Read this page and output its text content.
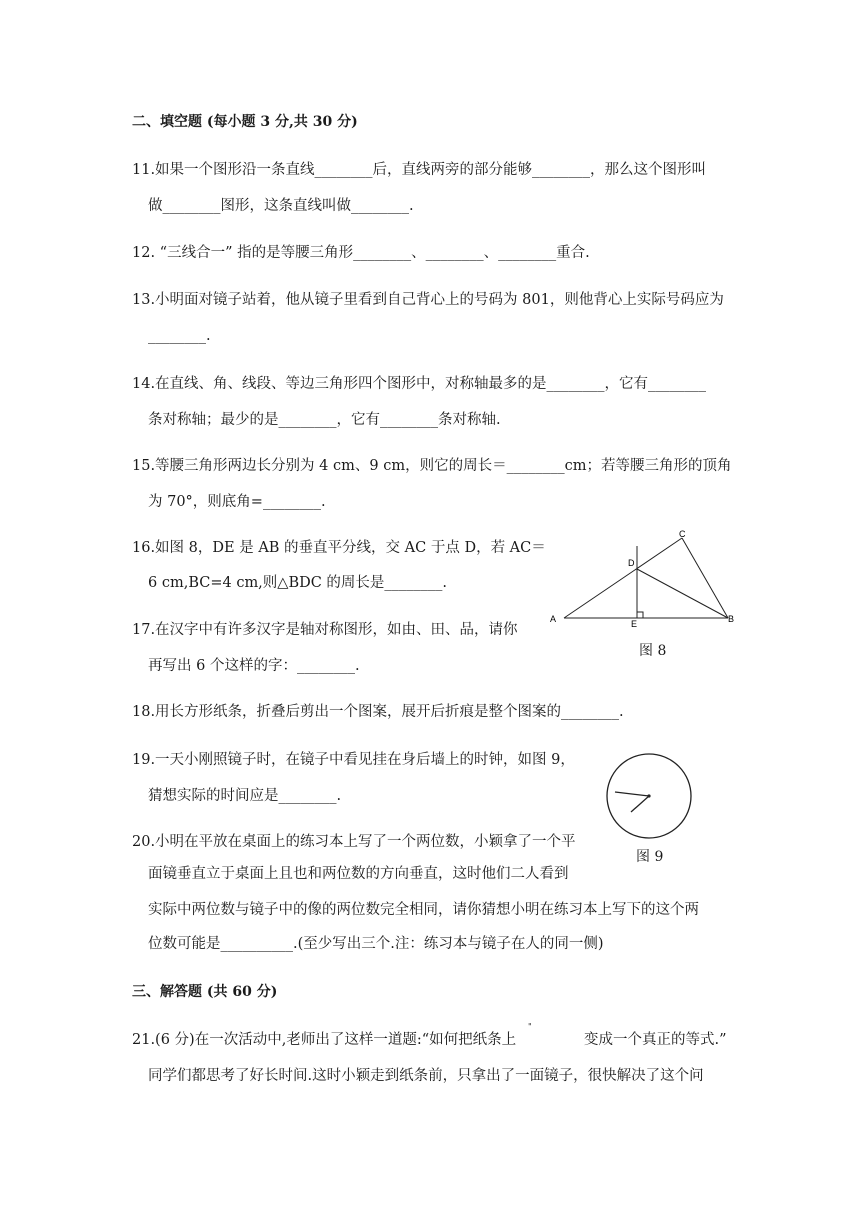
二、填空题 (每小题 3 分,共 30 分)
11.如果一个图形沿一条直线________后，直线两旁的部分能够________，那么这个图形叫
做________图形，这条直线叫做________.
12. “三线合一” 指的是等腰三角形________、________、________重合.
13.小明面对镜子站着，他从镜子里看到自己背心上的号码为 801，则他背心上实际号码应为
________.
14.在直线、角、线段、等边三角形四个图形中，对称轴最多的是________，它有________
条对称轴；最少的是________，它有________条对称轴.
15.等腰三角形两边长分别为 4 cm、9 cm，则它的周长＝________cm；若等腰三角形的顶角
为 70°，则底角=________.
16.如图 8，DE 是 AB 的垂直平分线，交 AC 于点 D，若 AC＝
6 cm,BC=4 cm,则△BDC 的周长是________.
17.在汉字中有许多汉字是轴对称图形，如由、田、品，请你
再写出 6 个这样的字：________.
A	B
C
D
E
图 8
18.用长方形纸条，折叠后剪出一个图案，展开后折痕是整个图案的________.
19.一天小刚照镜子时，在镜子中看见挂在身后墙上的时钟，如图 9，
猜想实际的时间应是________.
图 9
20.小明在平放在桌面上的练习本上写了一个两位数，小颖拿了一个平
面镜垂直立于桌面上且也和两位数的方向垂直，这时他们二人看到
实际中两位数与镜子中的像的两位数完全相同，请你猜想小明在练习本上写下的这个两
位数可能是__________.(至少写出三个.注：练习本与镜子在人的同一侧)
三、解答题 (共 60 分)
21.(6 分)在一次活动中,老师出了这样一道题:“如何把纸条上
"
变成一个真正的等式.”
同学们都思考了好长时间.这时小颖走到纸条前，只拿出了一面镜子，很快解决了这个问
